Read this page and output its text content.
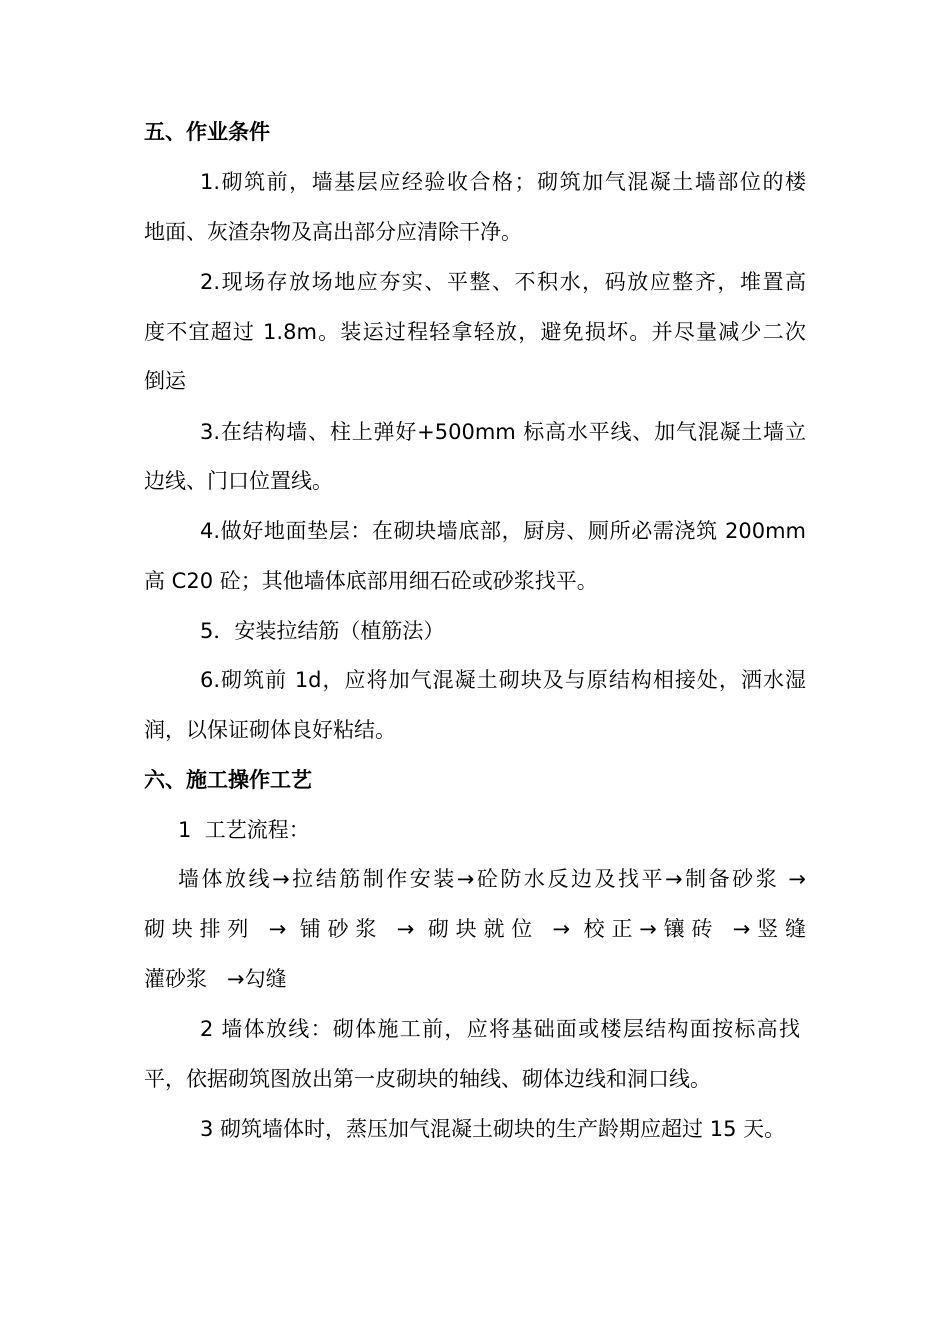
五、作业条件
1.砌筑前，墙基层应经验收合格；砌筑加气混凝土墙部位的楼
地面、灰渣杂物及高出部分应清除干净。
2.现场存放场地应夯实、平整、不积水，码放应整齐，堆置高
度不宜超过 1.8m。装运过程轻拿轻放，避免损坏。并尽量减少二次
倒运
3.在结构墙、柱上弹好+500mm 标高水平线、加气混凝土墙立
边线、门口位置线。
4.做好地面垫层：在砌块墙底部，厨房、厕所必需浇筑 200mm
高 C20 砼；其他墙体底部用细石砼或砂浆找平。
5．安装拉结筋（植筋法）
6.砌筑前 1d，应将加气混凝土砌块及与原结构相接处，洒水湿
润，以保证砌体良好粘结。
六、施工操作工艺
1  工艺流程：
墙体放线→拉结筋制作安装→砼防水反边及找平→制备砂浆 →
砌块排列 → 铺砂浆 → 砌块就位 → 校正→镶砖 →竖缝
灌砂浆   →勾缝
2 墙体放线：砌体施工前，应将基础面或楼层结构面按标高找
平，依据砌筑图放出第一皮砌块的轴线、砌体边线和洞口线。
3 砌筑墙体时，蒸压加气混凝土砌块的生产龄期应超过 15 天。
